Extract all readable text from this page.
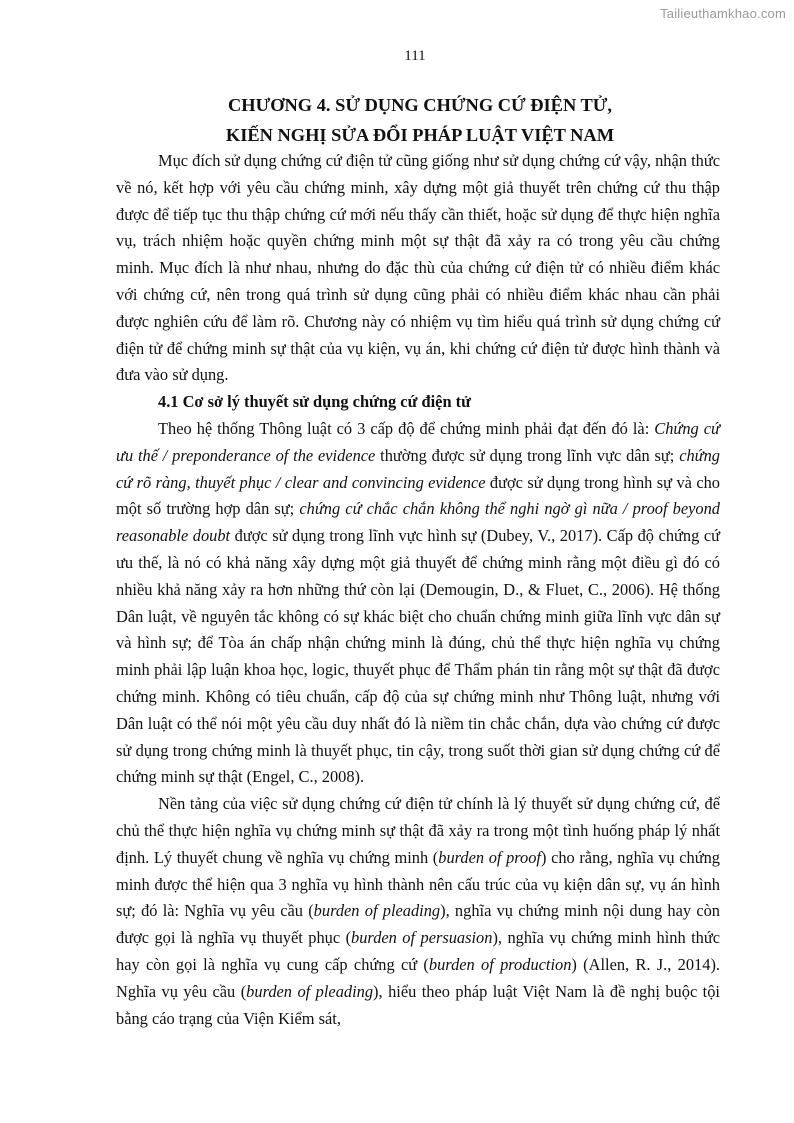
Tailieuthamkhao.com
111
CHƯƠNG 4. SỬ DỤNG CHỨNG CỨ ĐIỆN TỬ,
KIẾN NGHỊ SỬA ĐỔI PHÁP LUẬT VIỆT NAM

Mục đích sử dụng chứng cứ điện tử cũng giống như sử dụng chứng cứ vậy, nhận thức về nó, kết hợp với yêu cầu chứng minh, xây dựng một giả thuyết trên chứng cứ thu thập được để tiếp tục thu thập chứng cứ mới nếu thấy cần thiết, hoặc sử dụng để thực hiện nghĩa vụ, trách nhiệm hoặc quyền chứng minh một sự thật đã xảy ra có trong yêu cầu chứng minh. Mục đích là như nhau, nhưng do đặc thù của chứng cứ điện tử có nhiều điểm khác với chứng cứ, nên trong quá trình sử dụng cũng phải có nhiều điểm khác nhau cần phải được nghiên cứu để làm rõ. Chương này có nhiệm vụ tìm hiểu quá trình sử dụng chứng cứ điện tử để chứng minh sự thật của vụ kiện, vụ án, khi chứng cứ điện tử được hình thành và đưa vào sử dụng.

4.1 Cơ sở lý thuyết sử dụng chứng cứ điện tử

Theo hệ thống Thông luật có 3 cấp độ để chứng minh phải đạt đến đó là: Chứng cứ ưu thế / preponderance of the evidence thường được sử dụng trong lĩnh vực dân sự; chứng cứ rõ ràng, thuyết phục / clear and convincing evidence được sử dụng trong hình sự và cho một số trường hợp dân sự; chứng cứ chắc chắn không thể nghi ngờ gì nữa / proof beyond reasonable doubt được sử dụng trong lĩnh vực hình sự (Dubey, V., 2017). Cấp độ chứng cứ ưu thế, là nó có khả năng xây dựng một giả thuyết để chứng minh rằng một điều gì đó có nhiều khả năng xảy ra hơn những thứ còn lại (Demougin, D., & Fluet, C., 2006). Hệ thống Dân luật, về nguyên tắc không có sự khác biệt cho chuẩn chứng minh giữa lĩnh vực dân sự và hình sự; để Tòa án chấp nhận chứng minh là đúng, chủ thể thực hiện nghĩa vụ chứng minh phải lập luận khoa học, logic, thuyết phục để Thẩm phán tin rằng một sự thật đã được chứng minh. Không có tiêu chuẩn, cấp độ của sự chứng minh như Thông luật, nhưng với Dân luật có thể nói một yêu cầu duy nhất đó là niềm tin chắc chắn, dựa vào chứng cứ được sử dụng trong chứng minh là thuyết phục, tin cậy, trong suốt thời gian sử dụng chứng cứ để chứng minh sự thật (Engel, C., 2008).

Nền tảng của việc sử dụng chứng cứ điện tử chính là lý thuyết sử dụng chứng cứ, để chủ thể thực hiện nghĩa vụ chứng minh sự thật đã xảy ra trong một tình huống pháp lý nhất định. Lý thuyết chung về nghĩa vụ chứng minh (burden of proof) cho rằng, nghĩa vụ chứng minh được thể hiện qua 3 nghĩa vụ hình thành nên cấu trúc của vụ kiện dân sự, vụ án hình sự; đó là: Nghĩa vụ yêu cầu (burden of pleading), nghĩa vụ chứng minh nội dung hay còn được gọi là nghĩa vụ thuyết phục (burden of persuasion), nghĩa vụ chứng minh hình thức hay còn gọi là nghĩa vụ cung cấp chứng cứ (burden of production) (Allen, R. J., 2014). Nghĩa vụ yêu cầu (burden of pleading), hiểu theo pháp luật Việt Nam là đề nghị buộc tội bằng cáo trạng của Viện Kiểm sát,
